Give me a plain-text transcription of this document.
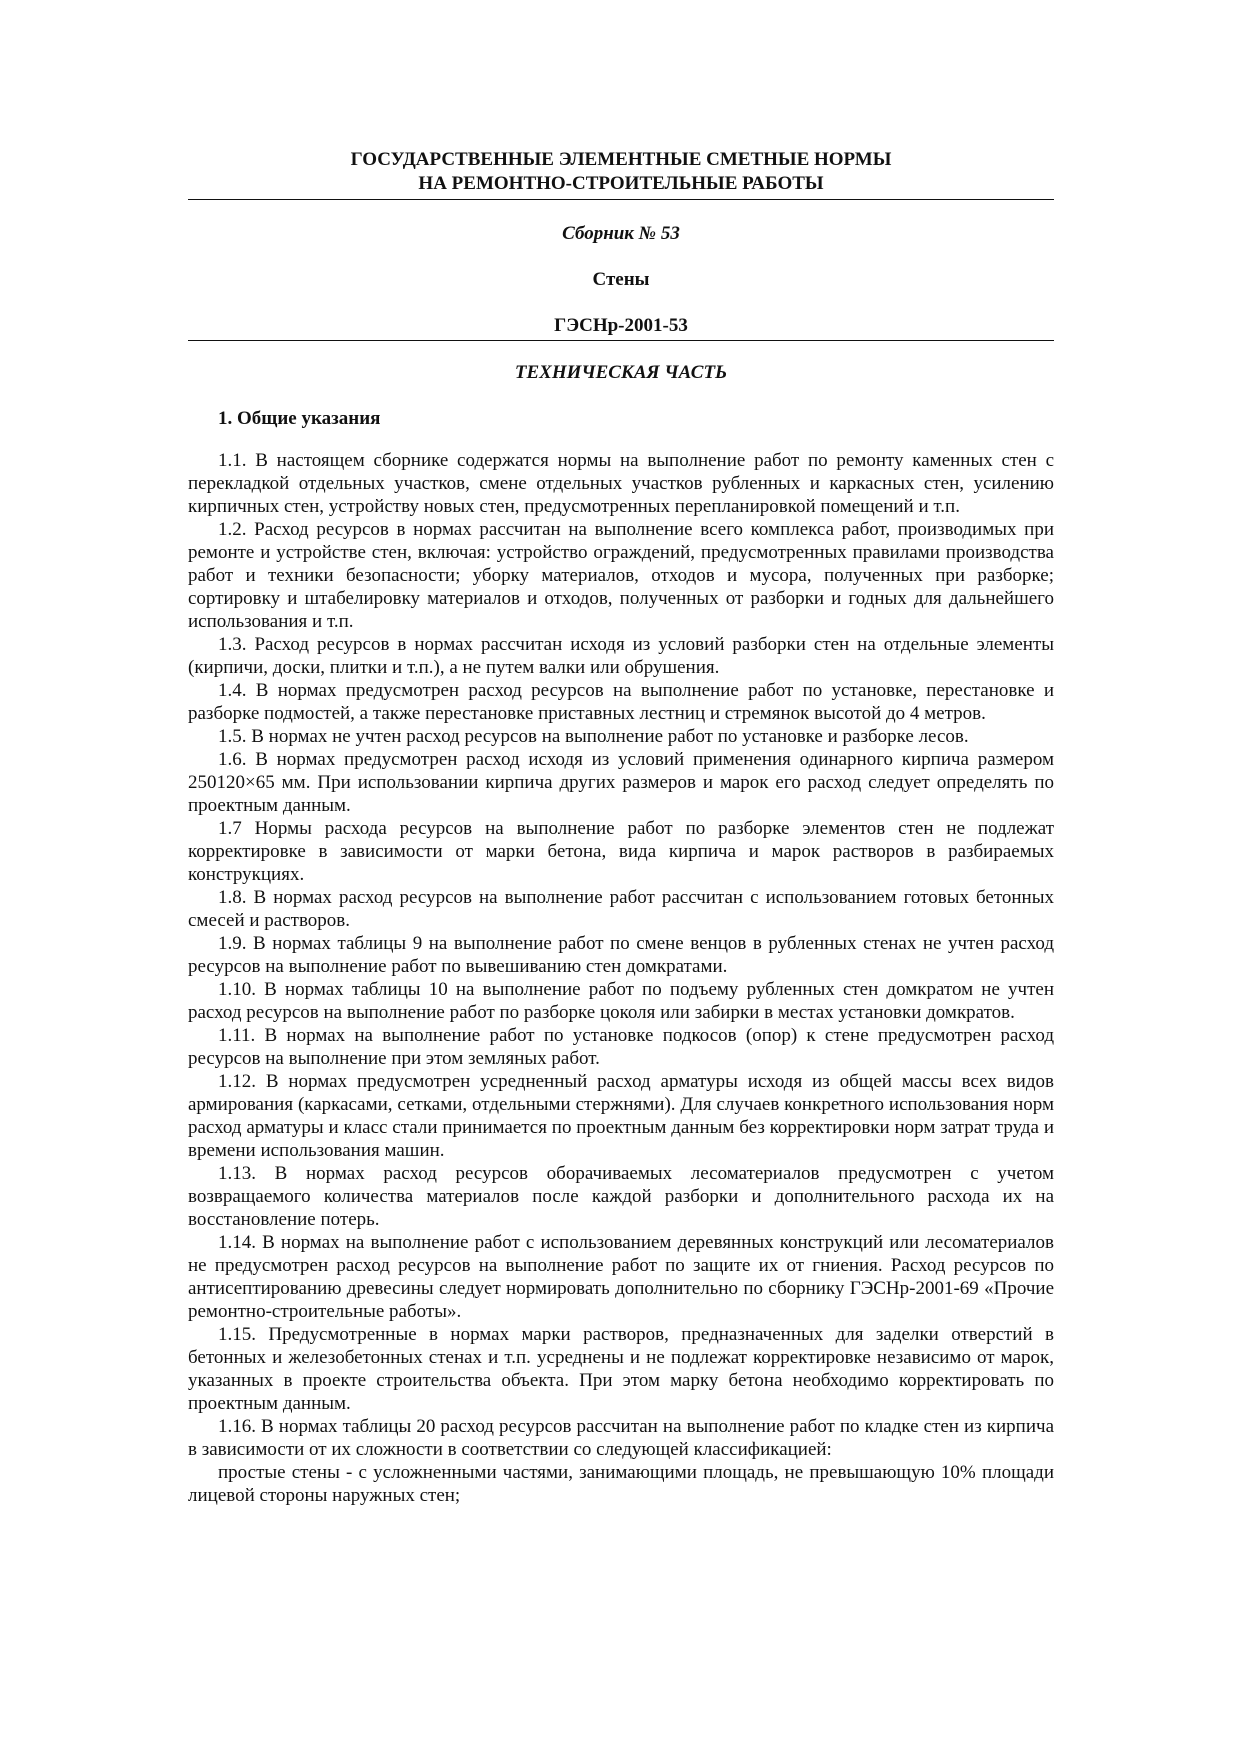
ГОСУДАРСТВЕННЫЕ ЭЛЕМЕНТНЫЕ СМЕТНЫЕ НОРМЫ

НА РЕМОНТНО-СТРОИТЕЛЬНЫЕ РАБОТЫ

Сборник № 53

Стены

ГЭСНр-2001-53

ТЕХНИЧЕСКАЯ ЧАСТЬ

1. Общие указания

1.1. В настоящем сборнике содержатся нормы на выполнение работ по ремонту каменных стен с перекладкой отдельных участков, смене отдельных участков рубленных и каркасных стен, усилению кирпичных стен, устройству новых стен, предусмотренных перепланировкой помещений и т.п.

1.2. Расход ресурсов в нормах рассчитан на выполнение всего комплекса работ, производимых при ремонте и устройстве стен, включая: устройство ограждений, предусмотренных правилами производства работ и техники безопасности; уборку материалов, отходов и мусора, полученных при разборке; сортировку и штабелировку материалов и отходов, полученных от разборки и годных для дальнейшего использования и т.п.

1.3. Расход ресурсов в нормах рассчитан исходя из условий разборки стен на отдельные элементы (кирпичи, доски, плитки и т.п.), а не путем валки или обрушения.

1.4. В нормах предусмотрен расход ресурсов на выполнение работ по установке, перестановке и разборке подмостей, а также перестановке приставных лестниц и стремянок высотой до 4 метров.

1.5. В нормах не учтен расход ресурсов на выполнение работ по установке и разборке лесов.

1.6. В нормах предусмотрен расход исходя из условий применения одинарного кирпича размером 250120×65 мм. При использовании кирпича других размеров и марок его расход следует определять по проектным данным.

1.7 Нормы расхода ресурсов на выполнение работ по разборке элементов стен не подлежат корректировке в зависимости от марки бетона, вида кирпича и марок растворов в разбираемых конструкциях.

1.8. В нормах расход ресурсов на выполнение работ рассчитан с использованием готовых бетонных смесей и растворов.

1.9. В нормах таблицы 9 на выполнение работ по смене венцов в рубленных стенах не учтен расход ресурсов на выполнение работ по вывешиванию стен домкратами.

1.10. В нормах таблицы 10 на выполнение работ по подъему рубленных стен домкратом не учтен расход ресурсов на выполнение работ по разборке цоколя или забирки в местах установки домкратов.

1.11. В нормах на выполнение работ по установке подкосов (опор) к стене предусмотрен расход ресурсов на выполнение при этом земляных работ.

1.12. В нормах предусмотрен усредненный расход арматуры исходя из общей массы всех видов армирования (каркасами, сетками, отдельными стержнями). Для случаев конкретного использования норм расход арматуры и класс стали принимается по проектным данным без корректировки норм затрат труда и времени использования машин.

1.13. В нормах расход ресурсов оборачиваемых лесоматериалов предусмотрен с учетом возвращаемого количества материалов после каждой разборки и дополнительного расхода их на восстановление потерь.

1.14. В нормах на выполнение работ с использованием деревянных конструкций или лесоматериалов не предусмотрен расход ресурсов на выполнение работ по защите их от гниения. Расход ресурсов по антисептированию древесины следует нормировать дополнительно по сборнику ГЭСНр-2001-69 «Прочие ремонтно-строительные работы».

1.15. Предусмотренные в нормах марки растворов, предназначенных для заделки отверстий в бетонных и железобетонных стенах и т.п. усреднены и не подлежат корректировке независимо от марок, указанных в проекте строительства объекта. При этом марку бетона необходимо корректировать по проектным данным.

1.16. В нормах таблицы 20 расход ресурсов рассчитан на выполнение работ по кладке стен из кирпича в зависимости от их сложности в соответствии со следующей классификацией:

простые стены - с усложненными частями, занимающими площадь, не превышающую 10% площади лицевой стороны наружных стен;
